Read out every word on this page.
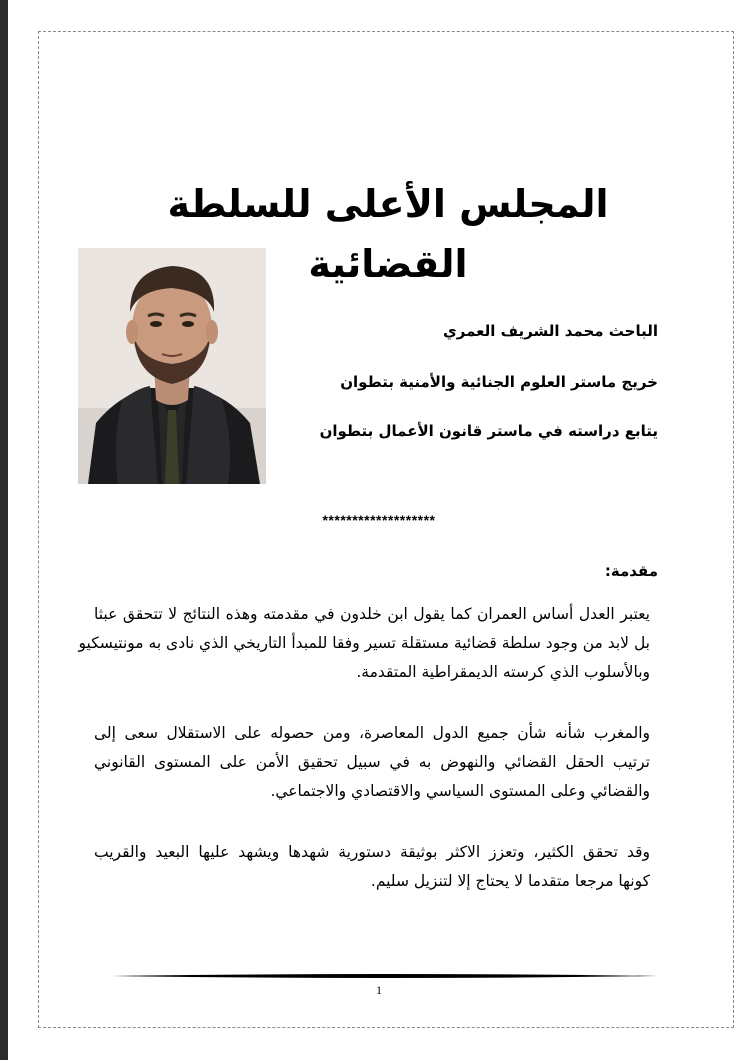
المجلس الأعلى للسلطة القضائية
الباحث محمد الشريف العمري
خريج ماستر العلوم الجنائية والأمنية بتطوان
يتابع دراسته في ماستر قانون الأعمال بتطوان
*******************
مقدمة:

يعتبر العدل أساس العمران كما يقول ابن خلدون في مقدمته وهذه النتائج لا تتحقق عبثا
بل لابد من وجود سلطة قضائية مستقلة تسير وفقا للمبدأ التاريخي الذي نادى به مونتيسكيو
وبالأسلوب الذي كرسته الديمقراطية المتقدمة.

والمغرب شأنه شأن جميع الدول المعاصرة، ومن حصوله على الاستقلال سعى إلى
ترتيب الحقل القضائي والنهوض به في سبيل تحقيق الأمن على المستوى القانوني
والقضائي وعلى المستوى السياسي والاقتصادي والاجتماعي.

وقد تحقق الكثير، وتعزز الاكثر بوثيقة دستورية شهدها ويشهد عليها البعيد والقريب
كونها مرجعا متقدما لا يحتاج إلا لتنزيل سليم.

1
